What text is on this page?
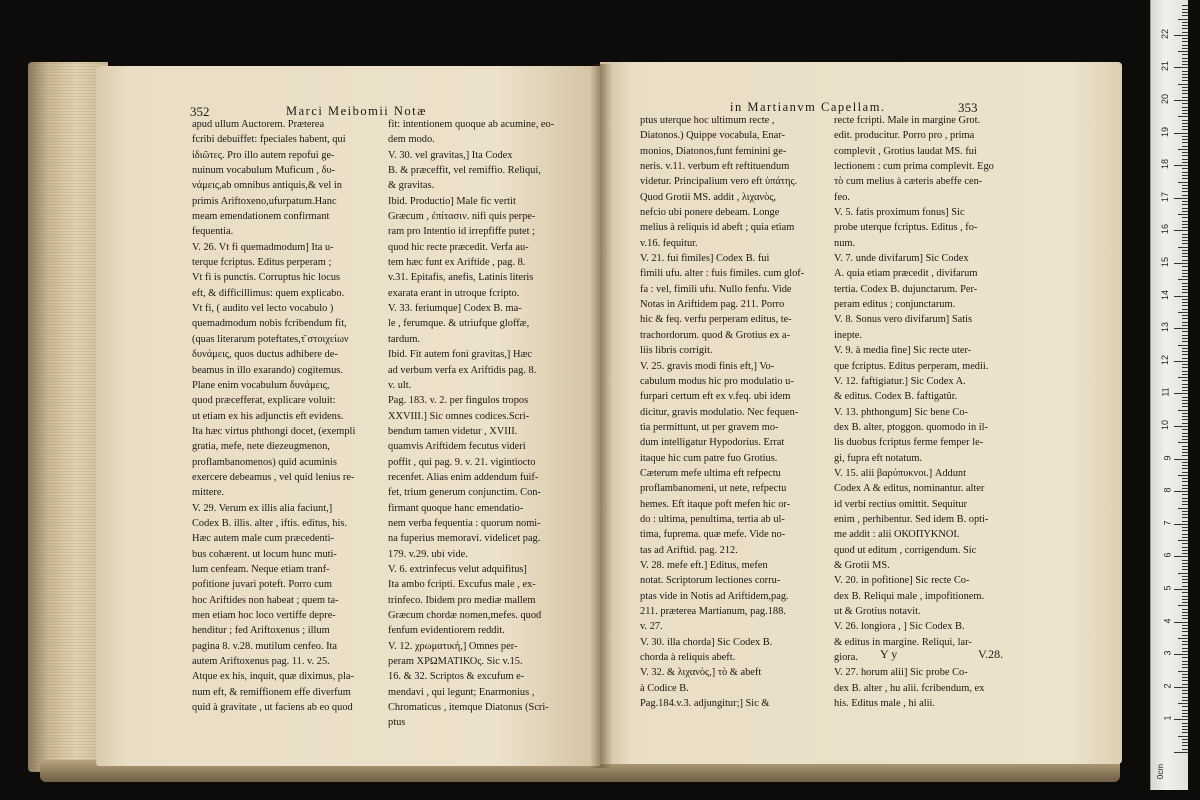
352	Marci Meibomii Notæ
apud ullum Auctorem. Præterea
fcribi debuiffet: fpeciales habent, qui
ἰδιῶτες. Pro illo autem repofui ge-
nuinum vocabulum Muficum , δυ-
νάμεις,ab omnibus antiquis,& vel in
primis Ariftoxeno,ufurpatum.Hanc
meam emendationem confirmant
fequentia.
V. 26. Vt fi quemadmodum] Ita u-
terque fcriptus. Editus perperam ;
Vt fi is punctis. Corruptus hic locus
eft, & difficillimus: quem explicabo.
Vt fi, ( audito vel lecto vocabulo )
quemadmodum nobis fcribendum fit,
(quas literarum poteftates,τ͂ στοιχείων
δυνάμεις, quos ductus adhibere de-
beamus in illo exarando) cogitemus.
Plane enim vocabulum δυνάμεις,
quod præcefferat, explicare voluit:
ut etiam ex his adjunctis eft evidens.
Ita hæc virtus phthongi docet, (exempli
gratia, mefe, nete diezeugmenon,
proflambanomenos) quid acuminis
exercere debeamus , vel quid lenius re-
mittere.
V. 29. Verum ex illis alia faciunt,]
Codex B. illis. alter , iftis. editus, his.
Hæc autem male cum præcedenti-
bus cohærent. ut locum hunc muti-
lum cenfeam. Neque etiam tranf-
pofitione juvari poteft. Porro cum
hoc Ariftides non habeat ; quem ta-
men etiam hoc loco vertiffe depre-
henditur ; fed Ariftoxenus ; illum
pagina 8. v.28. mutilum cenfeo. Ita
autem Ariftoxenus pag. 11. v. 25.
Atque ex his, inquit, quæ diximus, pla-
num eft, & remiffionem effe diverfum
quid à gravitate , ut faciens ab eo quod
fit: intentionem quoque ab acumine, eo-
dem modo.
V. 30. vel gravitas,] Ita Codex
B. & præceffit, vel remiffio. Reliqui,
& gravitas.
Ibid. Productio] Male fic vertit
Græcum , ἐπίτασιν. nifi quis perpe-
ram pro Intentio id irrepfiffe putet ;
quod hic recte præcedit. Verfa au-
tem hæc funt ex Ariftide , pag. 8.
v.31. Epitafis, anefis, Latinis literis
exarata erant in utroque fcripto.
V. 33. feriumque] Codex B. ma-
le , ferumque. & utriufque gloffæ,
tardum.
Ibid. Fit autem foni gravitas,] Hæc
ad verbum verfa ex Ariftidis pag. 8.
v. ult.
Pag. 183. v. 2. per fingulos tropos
XXVIII.] Sic omnes codices.Scri-
bendum tamen videtur , XVIII.
quamvis Ariftidem fecutus videri
poffit , qui pag. 9. v. 21. vigintiocto
recenfet. Alias enim addendum fuif-
fet, trium generum conjunctim. Con-
firmant quoque hanc emendatio-
nem verba fequentia : quorum nomi-
na fuperius memoravi. videlicet pag.
179. v.29. ubi vide.
V. 6. extrinfecus velut adquifitus]
Ita ambo fcripti. Excufus male , ex-
trinfeco. Ibidem pro mediæ mallem
Græcum chordæ nomen,mefes. quod
fenfum evidentiorem reddit.
V. 12. χρωματική,] Omnes per-
peram ΧΡΩΜΑΤΙΚΟς. Sic v.15.
16. & 32. Scriptos & excufum e-
mendavi , qui legunt; Enarmonius ,
Chromaticus , itemque Diatonus (Scri-
ptus
in Martianvm Capellam.	353
ptus uterque hoc ultimum recte ,
Diatonos.) Quippe vocabula, Enar-
monios, Diatonos,funt feminini ge-
neris. v.11. verbum eft reftituendum
videtur. Principalium vero eft ὑπάτης.
Quod Grotii MS. addit , λιχανὸς,
nefcio ubi ponere debeam. Longe
melius à reliquis id abeft ; quia etiam
v.16. fequitur.
V. 21. fui fimiles] Codex B. fui
fimili ufu. alter : fuis fimiles. cum glof-
fa : vel, fimili ufu. Nullo fenfu. Vide
Notas in Ariftidem pag. 211. Porro
hic & feq. verfu perperam editus, te-
trachordorum. quod & Grotius ex a-
liis libris corrigit.
V. 25. gravis modi finis eft,] Vo-
cabulum modus hic pro modulatio u-
furpari certum eft ex v.feq. ubi idem
dicitur, gravis modulatio. Nec fequen-
tia permittunt, ut per gravem mo-
dum intelligatur Hypodorius. Errat
itaque hic cum patre fuo Grotius.
Cæterum mefe ultima eft refpectu
proflambanomeni, ut nete, refpectu
hemes. Eft itaque poft mefen hic or-
do : ultima, penultima, tertia ab ul-
tima, fuprema. quæ mefe. Vide no-
tas ad Ariftid. pag. 212.
V. 28. mefe eft.] Editus, mefen
notat. Scriptorum lectiones corru-
ptas vide in Notis ad Ariftidem,pag.
211. præterea Martianum, pag.188.
v. 27.
V. 30. illa chorda] Sic Codex B.
chorda à reliquis abeft.
V. 32. & λιχανὸς,] τὸ & abeft
à Codice B.
Pag.184.v.3. adjungitur;] Sic &
recte fcripti. Male in margine Grot.
edit. producitur. Porro pro , prima
complevit , Grotius laudat MS. fui
lectionem : cum prima complevit. Ego
τὸ cum melius à cæteris abeffe cen-
feo.
V. 5. fatis proximum fonus] Sic
probe uterque fcriptus. Editus , fo-
num.
V. 7. unde divifarum] Sic Codex
A. quia etiam præcedit , divifarum
tertia. Codex B. dujunctarum. Per-
peram editus ; conjunctarum.
V. 8. Sonus vero divifarum] Satis
inepte.
V. 9. à media fine] Sic recte uter-
que fcriptus. Editus perperam, medii.
V. 12. faftigiatur.] Sic Codex A.
& editus. Codex B. faftigatûr.
V. 13. phthongum] Sic bene Co-
dex B. alter, ptoggon. quomodo in il-
lis duobus fcriptus ferme femper le-
gi, fupra eft notatum.
V. 15. alii βαρύπυκνοι.] Addunt
Codex A & editus, nominantur. alter
id verbi rectius omittit. Sequitur
enim , perhibentur. Sed idem B. opti-
me addit : alii ΟΚΟΠΥΚΝΟΙ.
quod ut editum , corrigendum. Sic
& Grotii MS.
V. 20. in pofitione] Sic recte Co-
dex B. Reliqui male , impofitionem.
ut & Grotius notavit.
V. 26. longiora , ] Sic Codex B.
& editus in margine. Reliqui, lar-
giora.
V. 27. horum alii] Sic probe Co-
dex B. alter , hu alii. fcribendum, ex
his. Editus male , hi alii.
Y y	V.28.
0cm
1
2
3
4
5
6
7
8
9
10
11
12
13
14
15
16
17
18
19
20
21
22
